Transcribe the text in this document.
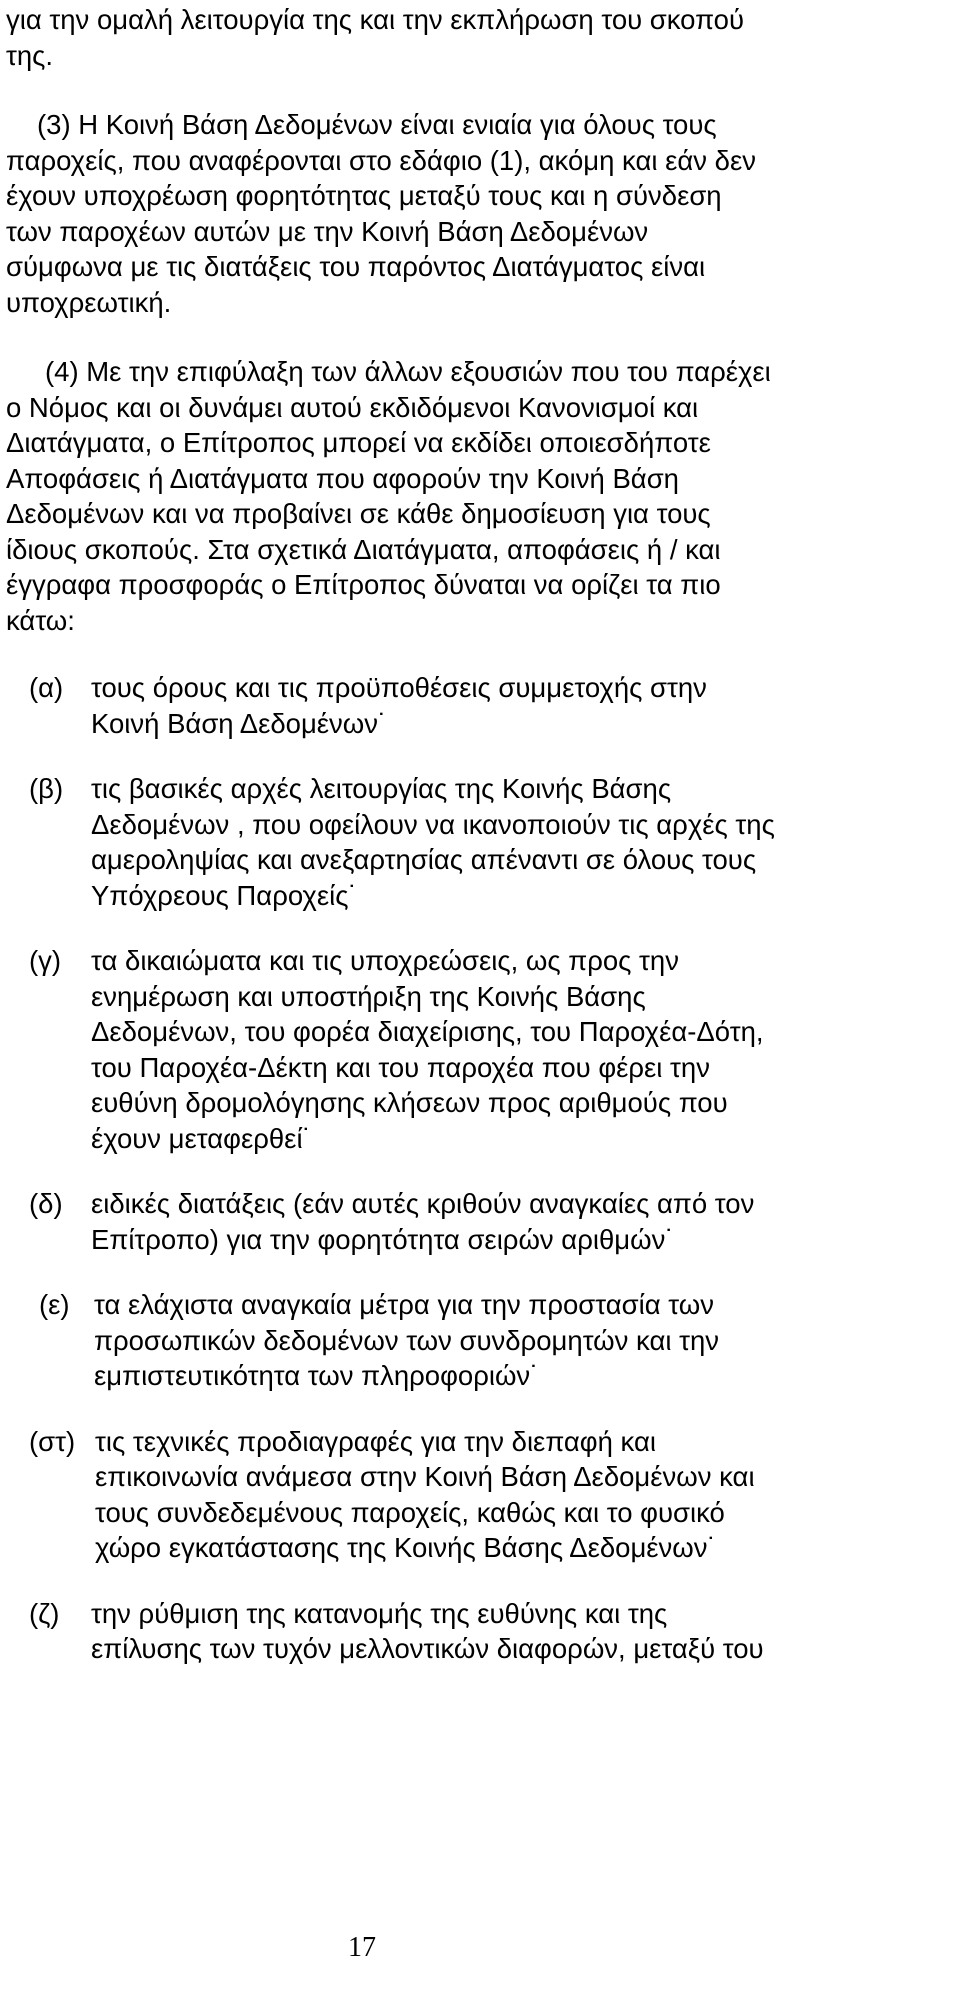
για την ομαλή λειτουργία της και την εκπλήρωση του σκοπού
της.
(3) Η Κοινή Βάση Δεδομένων είναι ενιαία για όλους τους
παροχείς, που αναφέρονται στο εδάφιο (1), ακόμη και εάν δεν
έχουν υποχρέωση φορητότητας μεταξύ τους και η σύνδεση
των παροχέων αυτών με την Κοινή Βάση Δεδομένων
σύμφωνα με τις διατάξεις του παρόντος Διατάγματος είναι
υποχρεωτική.
(4) Με την επιφύλαξη των άλλων εξουσιών που του παρέχει
ο Νόμος και οι δυνάμει αυτού εκδιδόμενοι Κανονισμοί και
Διατάγματα, ο Επίτροπος μπορεί να εκδίδει οποιεσδήποτε
Αποφάσεις ή Διατάγματα που αφορούν την Κοινή Βάση
Δεδομένων και να προβαίνει σε κάθε δημοσίευση για τους
ίδιους σκοπούς. Στα σχετικά Διατάγματα, αποφάσεις ή / και
έγγραφα προσφοράς ο Επίτροπος δύναται να ορίζει τα πιο
κάτω:
(α)	τους όρους και τις προϋποθέσεις συμμετοχής στην
Κοινή Βάση Δεδομένων˙
(β)	τις βασικές αρχές λειτουργίας της Κοινής Βάσης
Δεδομένων , που οφείλουν να ικανοποιούν τις αρχές της
αμεροληψίας και ανεξαρτησίας απέναντι σε όλους τους
Υπόχρεους Παροχείς˙
(γ)	τα δικαιώματα και τις υποχρεώσεις, ως προς την
ενημέρωση και υποστήριξη της Κοινής Βάσης
Δεδομένων, του φορέα διαχείρισης, του Παροχέα-Δότη,
του Παροχέα-Δέκτη και του παροχέα που φέρει την
ευθύνη δρομολόγησης κλήσεων προς αριθμούς που
έχουν μεταφερθεί˙
(δ)	ειδικές διατάξεις (εάν αυτές κριθούν αναγκαίες από τον
Επίτροπο) για την φορητότητα σειρών αριθμών˙
(ε) τα ελάχιστα αναγκαία μέτρα για την προστασία των
προσωπικών δεδομένων των συνδρομητών και την
εμπιστευτικότητα των πληροφοριών˙
(στ) τις τεχνικές προδιαγραφές για την διεπαφή και
επικοινωνία ανάμεσα στην Κοινή Βάση Δεδομένων και
τους συνδεδεμένους παροχείς, καθώς και το φυσικό
χώρο εγκατάστασης της Κοινής Βάσης Δεδομένων˙
(ζ)	την ρύθμιση της κατανομής της ευθύνης και της
επίλυσης των τυχόν μελλοντικών διαφορών, μεταξύ του
17
